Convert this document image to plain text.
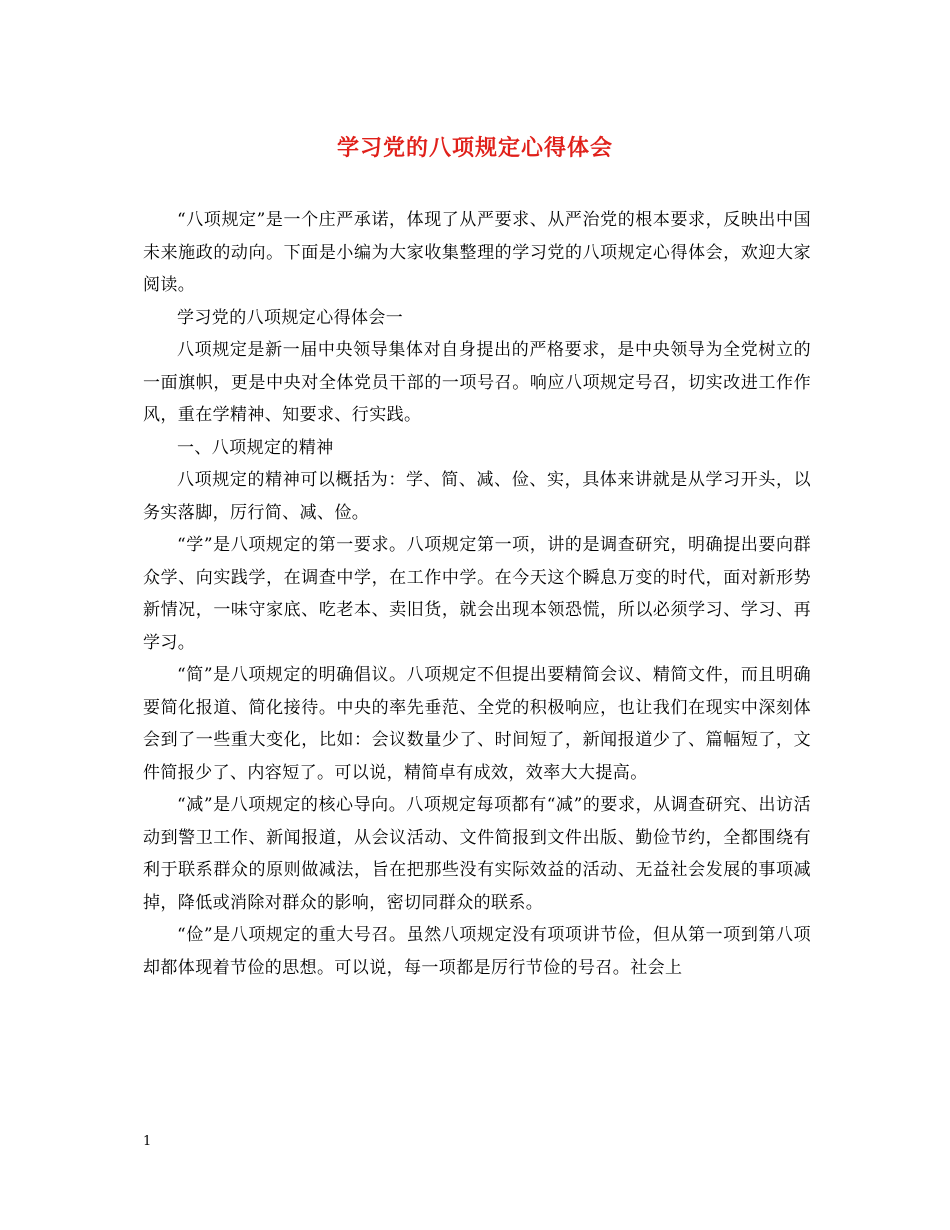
学习党的八项规定心得体会

“八项规定”是一个庄严承诺，体现了从严要求、从严治党的根本要求，反映出中国未来施政的动向。下面是小编为大家收集整理的学习党的八项规定心得体会，欢迎大家阅读。

学习党的八项规定心得体会一

八项规定是新一届中央领导集体对自身提出的严格要求，是中央领导为全党树立的一面旗帜，更是中央对全体党员干部的一项号召。响应八项规定号召，切实改进工作作风，重在学精神、知要求、行实践。

一、八项规定的精神

八项规定的精神可以概括为：学、简、减、俭、实，具体来讲就是从学习开头，以务实落脚，厉行简、减、俭。

“学”是八项规定的第一要求。八项规定第一项，讲的是调查研究，明确提出要向群众学、向实践学，在调查中学，在工作中学。在今天这个瞬息万变的时代，面对新形势新情况，一味守家底、吃老本、卖旧货，就会出现本领恐慌，所以必须学习、学习、再学习。

“简”是八项规定的明确倡议。八项规定不但提出要精简会议、精简文件，而且明确要简化报道、简化接待。中央的率先垂范、全党的积极响应，也让我们在现实中深刻体会到了一些重大变化，比如：会议数量少了、时间短了，新闻报道少了、篇幅短了，文件简报少了、内容短了。可以说，精简卓有成效，效率大大提高。

“减”是八项规定的核心导向。八项规定每项都有“减”的要求，从调查研究、出访活动到警卫工作、新闻报道，从会议活动、文件简报到文件出版、勤俭节约，全都围绕有利于联系群众的原则做减法，旨在把那些没有实际效益的活动、无益社会发展的事项减掉，降低或消除对群众的影响，密切同群众的联系。

“俭”是八项规定的重大号召。虽然八项规定没有项项讲节俭，但从第一项到第八项却都体现着节俭的思想。可以说，每一项都是厉行节俭的号召。社会上

1
